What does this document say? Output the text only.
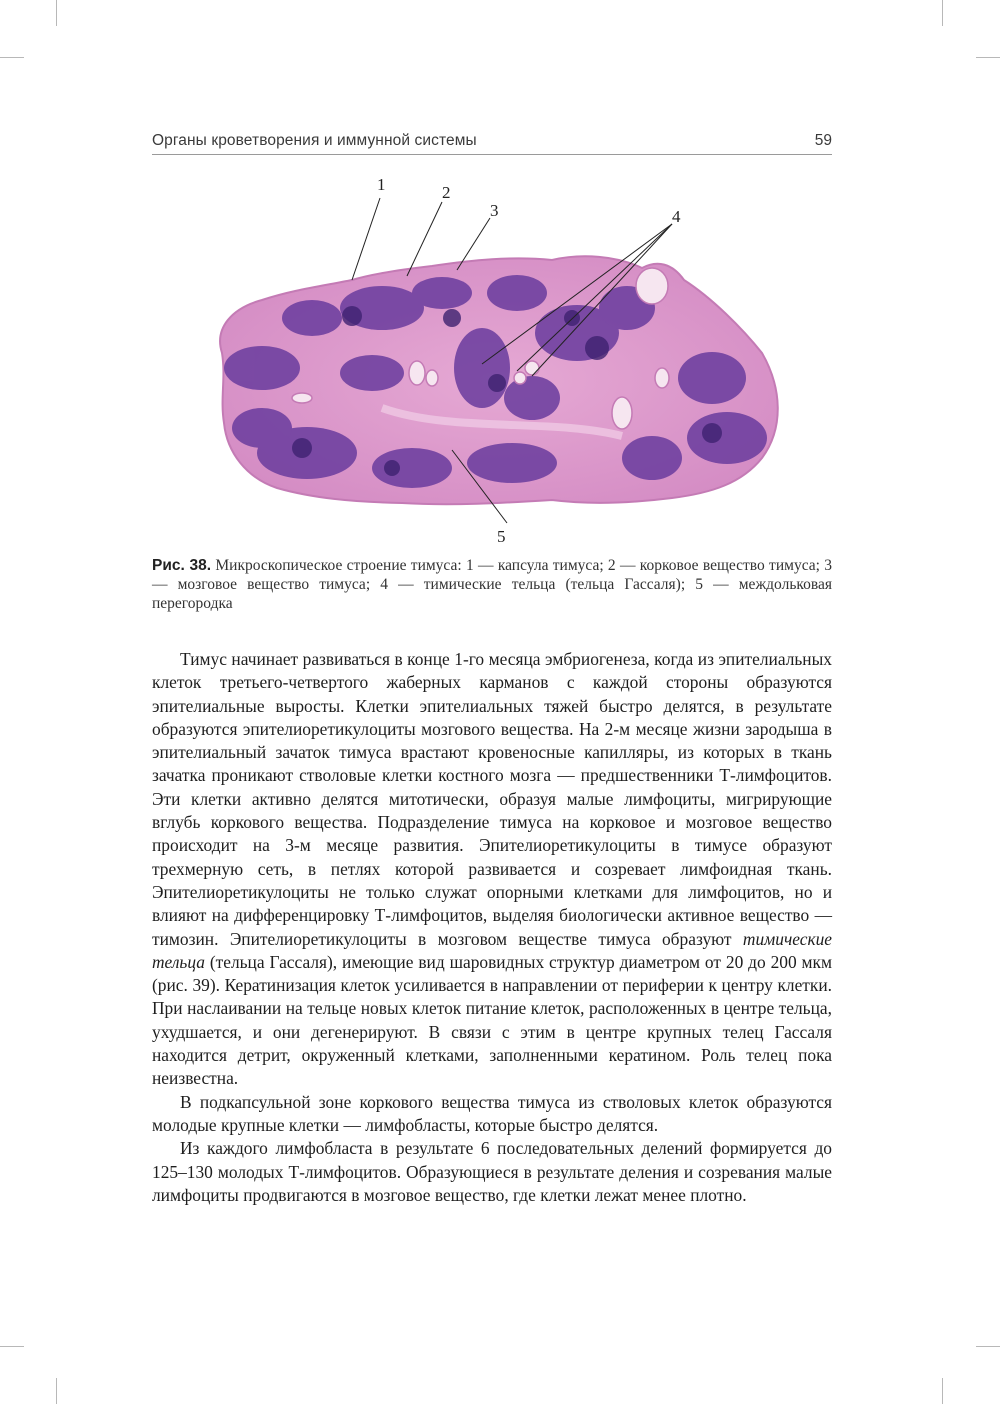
Органы кроветворения и иммунной системы	59
1	2
3	4
5
Рис. 38. Микроскопическое строение тимуса: 1 — капсула тимуса; 2 — корковое вещество тимуса; 3 — мозговое вещество тимуса; 4 — тимические тельца (тельца Гассаля); 5 — междольковая перегородка

Тимус начинает развиваться в конце 1-го месяца эмбриогенеза, когда из эпителиальных клеток третьего-четвертого жаберных карманов с каждой стороны образуются эпителиальные выросты. Клетки эпителиальных тяжей быстро делятся, в результате образуются эпителиоретикулоциты мозгового вещества. На 2-м месяце жизни зародыша в эпителиальный зачаток тимуса врастают кровеносные капилляры, из которых в ткань зачатка проникают стволовые клетки костного мозга — предшественники Т-лимфоцитов. Эти клетки активно делятся митотически, образуя малые лимфоциты, мигрирующие вглубь коркового вещества. Подразделение тимуса на корковое и мозговое вещество происходит на 3-м месяце развития. Эпителиоретикулоциты в тимусе образуют трехмерную сеть, в петлях которой развивается и созревает лимфоидная ткань. Эпителиоретикулоциты не только служат опорными клетками для лимфоцитов, но и влияют на дифференцировку Т-лимфоцитов, выделяя биологически активное вещество — тимозин. Эпителиоретикулоциты в мозговом веществе тимуса образуют тимические тельца (тельца Гассаля), имеющие вид шаровидных структур диаметром от 20 до 200 мкм (рис. 39). Кератинизация клеток усиливается в направлении от периферии к центру клетки. При наслаивании на тельце новых клеток питание клеток, расположенных в центре тельца, ухудшается, и они дегенерируют. В связи с этим в центре крупных телец Гассаля находится детрит, окруженный клетками, заполненными кератином. Роль телец пока неизвестна.

В подкапсульной зоне коркового вещества тимуса из стволовых клеток образуются молодые крупные клетки — лимфобласты, которые быстро делятся.

Из каждого лимфобласта в результате 6 последовательных делений формируется до 125–130 молодых Т-лимфоцитов. Образующиеся в результате деления и созревания малые лимфоциты продвигаются в мозговое вещество, где клетки лежат менее плотно.
